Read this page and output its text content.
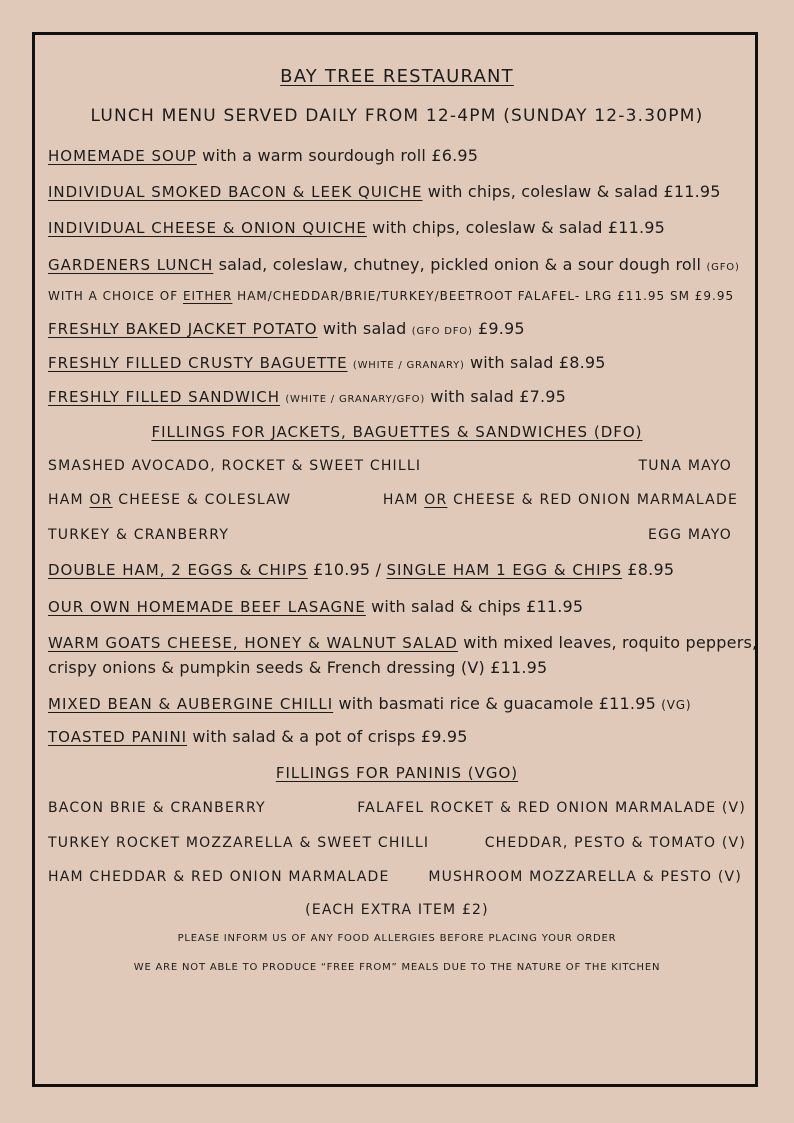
BAY TREE RESTAURANT
LUNCH MENU SERVED DAILY FROM 12-4PM (SUNDAY 12-3.30PM)
HOMEMADE SOUP with a warm sourdough roll £6.95
INDIVIDUAL SMOKED BACON & LEEK QUICHE with chips, coleslaw & salad £11.95
INDIVIDUAL CHEESE & ONION QUICHE with chips, coleslaw & salad £11.95
GARDENERS LUNCH salad, coleslaw, chutney, pickled onion & a sour dough roll (GFO)
WITH A CHOICE OF EITHER HAM/CHEDDAR/BRIE/TURKEY/BEETROOT FALAFEL- LRG £11.95 SM £9.95
FRESHLY BAKED JACKET POTATO with salad (GFO DFO) £9.95
FRESHLY FILLED CRUSTY BAGUETTE (WHITE / GRANARY) with salad £8.95
FRESHLY FILLED SANDWICH (WHITE / GRANARY/GFO) with salad £7.95
FILLINGS FOR JACKETS, BAGUETTES & SANDWICHES (DFO)
SMASHED AVOCADO, ROCKET & SWEET CHILLI	TUNA MAYO
HAM OR CHEESE & COLESLAW	HAM OR CHEESE & RED ONION MARMALADE
TURKEY & CRANBERRY	EGG MAYO
DOUBLE HAM, 2 EGGS & CHIPS £10.95 / SINGLE HAM 1 EGG & CHIPS £8.95
OUR OWN HOMEMADE BEEF LASAGNE with salad & chips £11.95
WARM GOATS CHEESE, HONEY & WALNUT SALAD with mixed leaves, roquito peppers,
crispy onions & pumpkin seeds & French dressing (V) £11.95
MIXED BEAN & AUBERGINE CHILLI with basmati rice & guacamole £11.95 (VG)
TOASTED PANINI with salad & a pot of crisps £9.95
FILLINGS FOR PANINIS (VGO)
BACON BRIE & CRANBERRY	FALAFEL ROCKET & RED ONION MARMALADE (V)
TURKEY ROCKET MOZZARELLA & SWEET CHILLI	CHEDDAR, PESTO & TOMATO (V)
HAM CHEDDAR & RED ONION MARMALADE	MUSHROOM MOZZARELLA & PESTO (V)
(EACH EXTRA ITEM £2)
PLEASE INFORM US OF ANY FOOD ALLERGIES BEFORE PLACING YOUR ORDER
WE ARE NOT ABLE TO PRODUCE “FREE FROM” MEALS DUE TO THE NATURE OF THE KITCHEN
